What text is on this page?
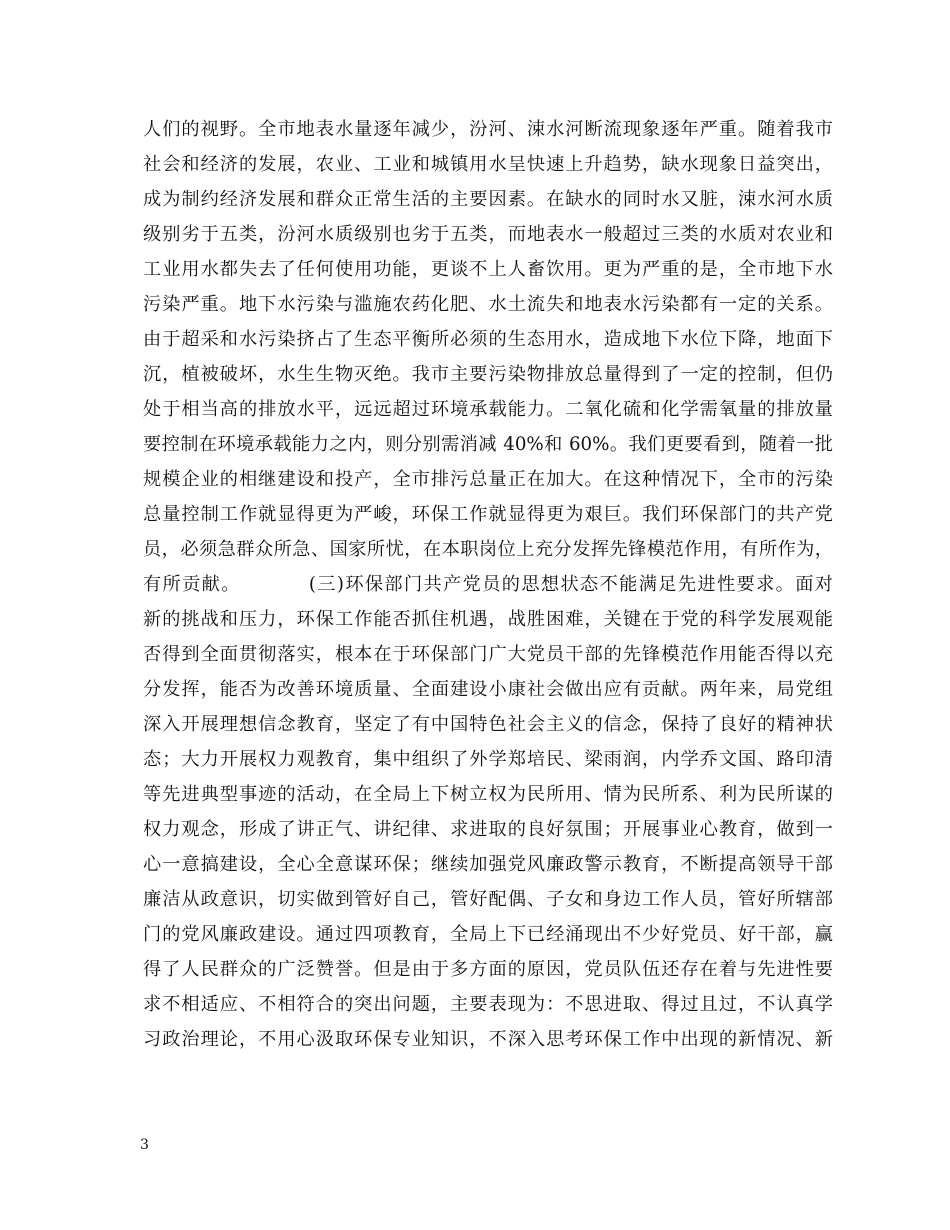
人们的视野。全市地表水量逐年减少，汾河、涑水河断流现象逐年严重。随着我市
社会和经济的发展，农业、工业和城镇用水呈快速上升趋势，缺水现象日益突出，
成为制约经济发展和群众正常生活的主要因素。在缺水的同时水又脏，涑水河水质
级别劣于五类，汾河水质级别也劣于五类，而地表水一般超过三类的水质对农业和
工业用水都失去了任何使用功能，更谈不上人畜饮用。更为严重的是，全市地下水
污染严重。地下水污染与滥施农药化肥、水土流失和地表水污染都有一定的关系。
由于超采和水污染挤占了生态平衡所必须的生态用水，造成地下水位下降，地面下
沉，植被破坏，水生生物灭绝。我市主要污染物排放总量得到了一定的控制，但仍
处于相当高的排放水平，远远超过环境承载能力。二氧化硫和化学需氧量的排放量
要控制在环境承载能力之内，则分别需消减 40%和 60%。我们更要看到，随着一批
规模企业的相继建设和投产，全市排污总量正在加大。在这种情况下，全市的污染
总量控制工作就显得更为严峻，环保工作就显得更为艰巨。我们环保部门的共产党
员，必须急群众所急、国家所忧，在本职岗位上充分发挥先锋模范作用，有所作为，
有所贡献。	(三)环保部门共产党员的思想状态不能满足先进性要求。面对
新的挑战和压力，环保工作能否抓住机遇，战胜困难，关键在于党的科学发展观能
否得到全面贯彻落实，根本在于环保部门广大党员干部的先锋模范作用能否得以充
分发挥，能否为改善环境质量、全面建设小康社会做出应有贡献。两年来，局党组
深入开展理想信念教育，坚定了有中国特色社会主义的信念，保持了良好的精神状
态；大力开展权力观教育，集中组织了外学郑培民、梁雨润，内学乔文国、路印清
等先进典型事迹的活动，在全局上下树立权为民所用、情为民所系、利为民所谋的
权力观念，形成了讲正气、讲纪律、求进取的良好氛围；开展事业心教育，做到一
心一意搞建设，全心全意谋环保；继续加强党风廉政警示教育，不断提高领导干部
廉洁从政意识，切实做到管好自己，管好配偶、子女和身边工作人员，管好所辖部
门的党风廉政建设。通过四项教育，全局上下已经涌现出不少好党员、好干部，赢
得了人民群众的广泛赞誉。但是由于多方面的原因，党员队伍还存在着与先进性要
求不相适应、不相符合的突出问题，主要表现为：不思进取、得过且过，不认真学
习政治理论，不用心汲取环保专业知识，不深入思考环保工作中出现的新情况、新
3
